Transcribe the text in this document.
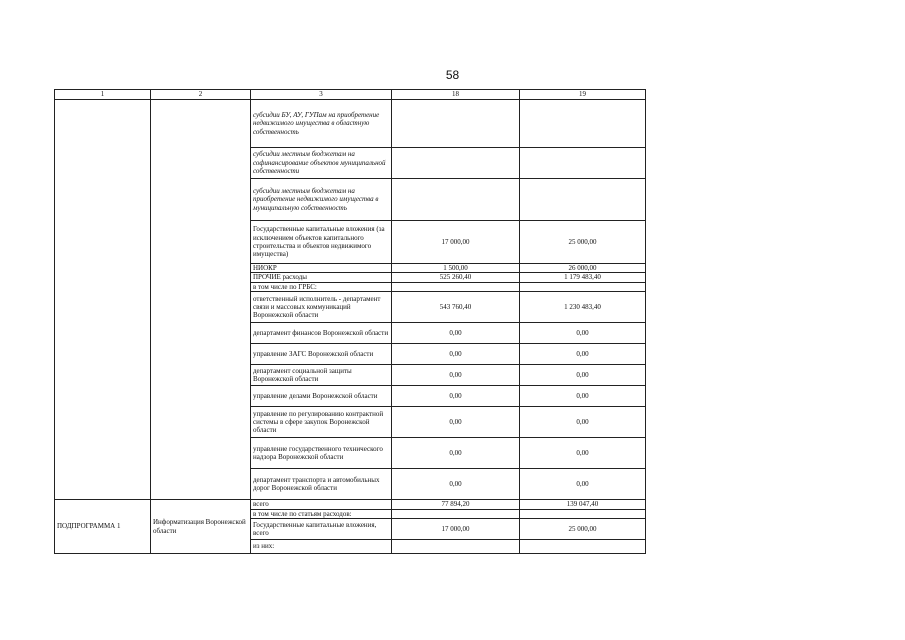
58
1	2	3	18	19
		субсидии БУ, АУ, ГУПам на приобретение недвижимого имущества в областную собственность		
		субсидии местным бюджетам на софинансирование объектов муниципальной собственности		
		субсидии местным бюджетам на приобретение недвижимого имущества в муниципальную собственность		
		Государственные капитальные вложения (за исключением объектов капитального строительства и объектов недвижимого имущества)	17 000,00	25 000,00
		НИОКР	1 500,00	26 000,00
		ПРОЧИЕ расходы	525 260,40	1 179 483,40
		в том числе по ГРБС:		
		ответственный исполнитель - департамент связи и массовых коммуникаций Воронежской области	543 760,40	1 230 483,40
		департамент финансов Воронежской области	0,00	0,00
		управление ЗАГС Воронежской области	0,00	0,00
		департамент социальной защиты Воронежской области	0,00	0,00
		управление делами Воронежской области	0,00	0,00
		управление по регулированию контрактной системы в сфере закупок Воронежской области	0,00	0,00
		управление государственного технического надзора Воронежской области	0,00	0,00
		департамент транспорта и автомобильных дорог Воронежской области	0,00	0,00
ПОДПРОГРАММА 1	Информатизация Воронежской области	всего	77 894,20	139 047,40
		в том числе по статьям расходов:		
		Государственные капитальные вложения, всего	17 000,00	25 000,00
		из них:		
